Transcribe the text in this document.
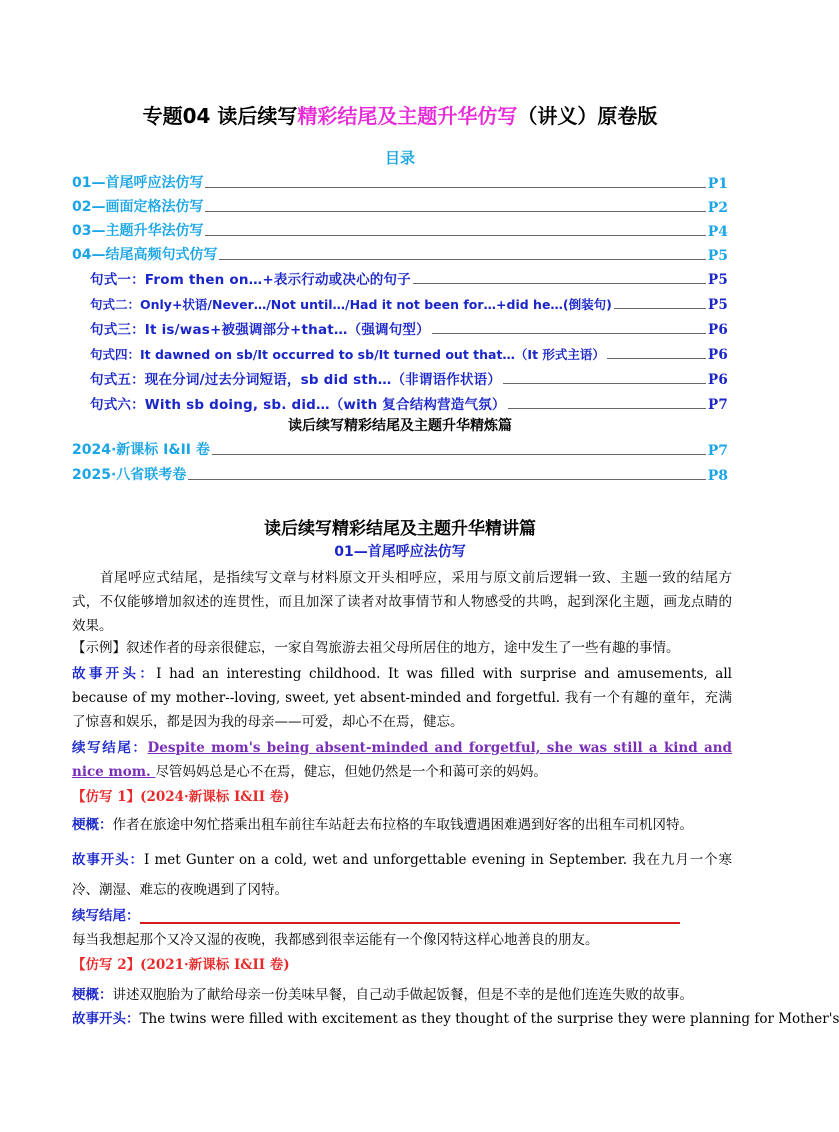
专题04 读后续写精彩结尾及主题升华仿写（讲义）原卷版
目录
01—首尾呼应法仿写	P1
02—画面定格法仿写	P2
03—主题升华法仿写	P4
04—结尾高频句式仿写	P5
句式一：From then on…+表示行动或决心的句子	P5
句式二：Only+状语/Never…/Not until…/Had it not been for…+did he…(倒装句)	P5
句式三：It is/was+被强调部分+that…（强调句型）	P6
句式四：It dawned on sb/It occurred to sb/It turned out that…（It 形式主语）	P6
句式五：现在分词/过去分词短语，sb did sth…（非谓语作状语）	P6
句式六：With sb doing, sb. did…（with 复合结构营造气氛）	P7
读后续写精彩结尾及主题升华精炼篇
2024·新课标 I&II 卷	P7
2025·八省联考卷	P8
读后续写精彩结尾及主题升华精讲篇
01—首尾呼应法仿写
首尾呼应式结尾，是指续写文章与材料原文开头相呼应，采用与原文前后逻辑一致、主题一致的结尾方式，不仅能够增加叙述的连贯性，而且加深了读者对故事情节和人物感受的共鸣，起到深化主题，画龙点睛的效果。
【示例】叙述作者的母亲很健忘，一家自驾旅游去祖父母所居住的地方，途中发生了一些有趣的事情。
故事开头：I had an interesting childhood. It was filled with surprise and amusements, all because of my mother--loving, sweet, yet absent-minded and forgetful. 我有一个有趣的童年，充满了惊喜和娱乐，都是因为我的母亲——可爱，却心不在焉，健忘。
续写结尾：Despite mom's being absent-minded and forgetful, she was still a kind and nice mom. 尽管妈妈总是心不在焉，健忘，但她仍然是一个和蔼可亲的妈妈。
【仿写 1】(2024·新课标 I&II 卷)
梗概：作者在旅途中匆忙搭乘出租车前往车站赶去布拉格的车取钱遭遇困难遇到好客的出租车司机冈特。
故事开头：I met Gunter on a cold, wet and unforgettable evening in September. 我在九月一个寒冷、潮湿、难忘的夜晚遇到了冈特。
续写结尾：
每当我想起那个又冷又湿的夜晚，我都感到很幸运能有一个像冈特这样心地善良的朋友。
【仿写 2】(2021·新课标 I&II 卷)
梗概：讲述双胞胎为了献给母亲一份美味早餐，自己动手做起饭餐，但是不幸的是他们连连失败的故事。
故事开头：The twins were filled with excitement as they thought of the surprise they were planning for Mother's
